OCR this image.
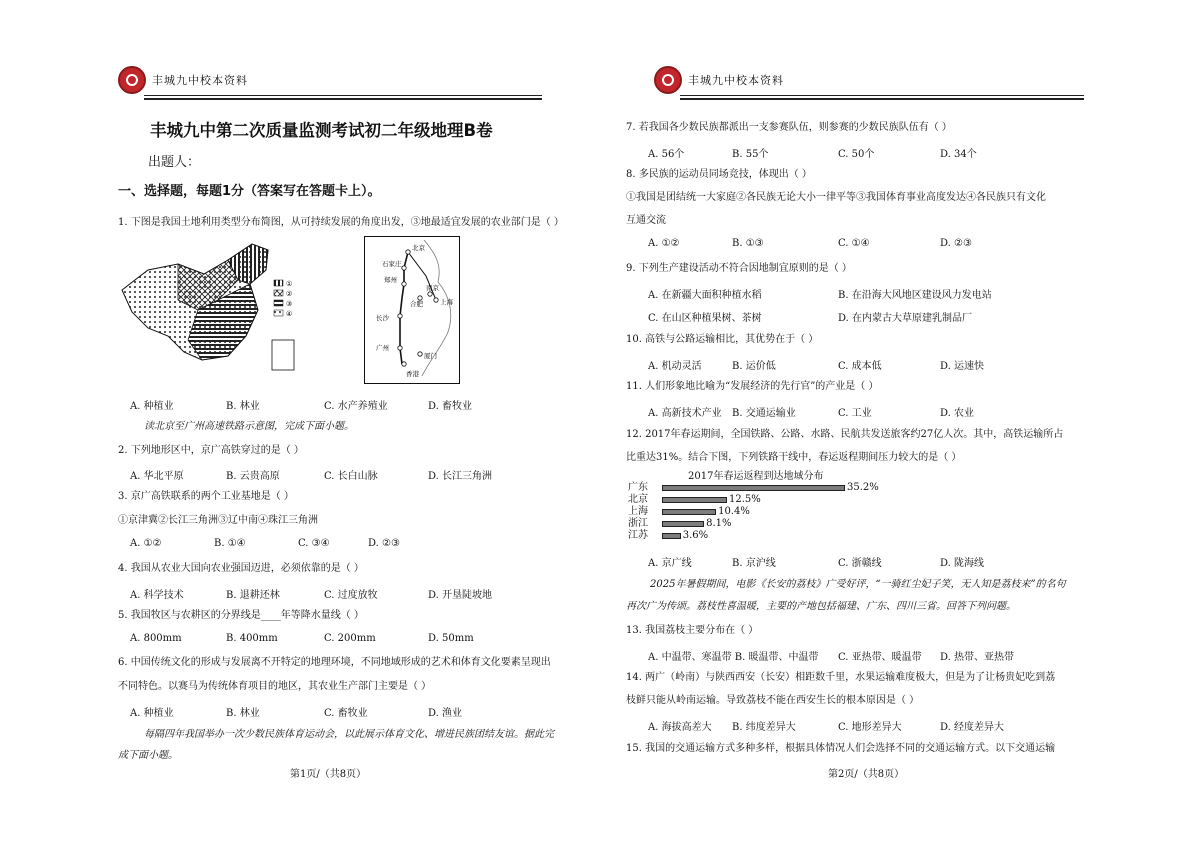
丰城九中校本资料
丰城九中第二次质量监测考试初二年级地理B卷
出题人：
一、选择题，每题1分（答案写在答题卡上）。
1. 下图是我国土地利用类型分布简图，从可持续发展的角度出发，③地最适宜发展的农业部门是（ ）
①
②
③
④
北京
石家庄
郑州
合肥
南京
上海
长沙
广州
香港
厦门
A. 种植业	B. 林业	C. 水产养殖业	D. 畜牧业
读北京至广州高速铁路示意图，完成下面小题。
2. 下列地形区中，京广高铁穿过的是（ ）
A. 华北平原	B. 云贵高原	C. 长白山脉	D. 长江三角洲
3. 京广高铁联系的两个工业基地是（ ）
①京津冀②长江三角洲③辽中南④珠江三角洲
A. ①②	B. ①④	C. ③④	D. ②③
4. 我国从农业大国向农业强国迈进，必须依靠的是（ ）
A. 科学技术	B. 退耕还林	C. 过度放牧	D. 开垦陡坡地
5. 我国牧区与农耕区的分界线是____年等降水量线（ ）
A. 800mm	B. 400mm	C. 200mm	D. 50mm
6. 中国传统文化的形成与发展离不开特定的地理环境，不同地域形成的艺术和体育文化要素呈现出
不同特色。以赛马为传统体育项目的地区，其农业生产部门主要是（ ）
A. 种植业	B. 林业	C. 畜牧业	D. 渔业
每隔四年我国举办一次少数民族体育运动会，以此展示体育文化、增进民族团结友谊。据此完
成下面小题。
第1页/（共8页）
丰城九中校本资料
7. 若我国各少数民族都派出一支参赛队伍，则参赛的少数民族队伍有（ ）
A. 56个	B. 55个	C. 50个	D. 34个
8. 多民族的运动员同场竞技，体现出（ ）
①我国是团结统一大家庭②各民族无论大小一律平等③我国体育事业高度发达④各民族只有文化
互通交流
A. ①②	B. ①③	C. ①④	D. ②③
9. 下列生产建设活动不符合因地制宜原则的是（ ）
A. 在新疆大面积种植水稻	B. 在沿海大风地区建设风力发电站
C. 在山区种植果树、茶树	D. 在内蒙古大草原建乳制品厂
10. 高铁与公路运输相比，其优势在于（ ）
A. 机动灵活	B. 运价低	C. 成本低	D. 运速快
11. 人们形象地比喻为“发展经济的先行官”的产业是（ ）
A. 高新技术产业 B. 交通运输业	C. 工业	D. 农业
12. 2017年春运期间，全国铁路、公路、水路、民航共发送旅客约27亿人次。其中，高铁运输所占
比重达31%。结合下图，下列铁路干线中，春运返程期间压力较大的是（ ）
2017年春运返程到达地域分布
广东	35.2%
北京	12.5%
上海	10.4%
浙江	8.1%
江苏	3.6%
A. 京广线	B. 京沪线	C. 浙赣线	D. 陇海线
2025年暑假期间，电影《长安的荔枝》广受好评，“一骑红尘妃子笑，无人知是荔枝来”的名句
再次广为传颂。荔枝性喜温暖，主要的产地包括福建、广东、四川三省。回答下列问题。
13. 我国荔枝主要分布在（ ）
A. 中温带、寒温带 B. 暖温带、中温带 C. 亚热带、暖温带 D. 热带、亚热带
14. 两广（岭南）与陕西西安（长安）相距数千里，水果运输难度极大，但是为了让杨贵妃吃到荔
枝鲜只能从岭南运输。导致荔枝不能在西安生长的根本原因是（ ）
A. 海拔高差大 B. 纬度差异大	C. 地形差异大	D. 经度差异大
15. 我国的交通运输方式多种多样，根据具体情况人们会选择不同的交通运输方式。以下交通运输
第2页/（共8页）
